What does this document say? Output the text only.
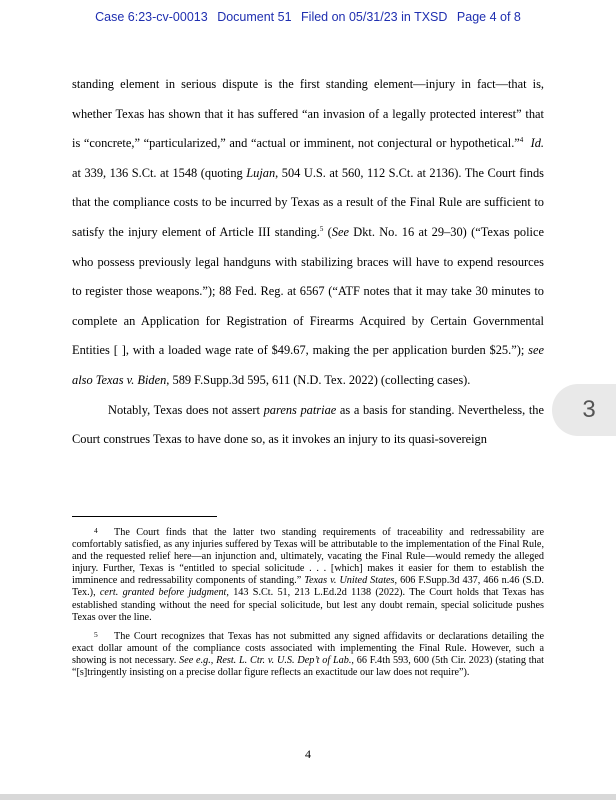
Case 6:23-cv-00013 Document 51 Filed on 05/31/23 in TXSD Page 4 of 8

standing element in serious dispute is the first standing element—injury in fact—that is, whether Texas has shown that it has suffered “an invasion of a legally protected interest” that is “concrete,” “particularized,” and “actual or imminent, not conjectural or hypothetical.”$^4$ Id. at 339, 136 S.Ct. at 1548 (quoting Lujan, 504 U.S. at 560, 112 S.Ct. at 2136). The Court finds that the compliance costs to be incurred by Texas as a result of the Final Rule are sufficient to satisfy the injury element of Article III standing.$^5$ (See Dkt. No. 16 at 29–30) (“Texas police who possess previously legal handguns with stabilizing braces will have to expend resources to register those weapons.”); 88 Fed. Reg. at 6567 (“ATF notes that it may take 30 minutes to complete an Application for Registration of Firearms Acquired by Certain Governmental Entities [ ], with a loaded wage rate of $49.67, making the per application burden $25.”); see also Texas v. Biden, 589 F.Supp.3d 595, 611 (N.D. Tex. 2022) (collecting cases).

Notably, Texas does not assert parens patriae as a basis for standing. Nevertheless, the Court construes Texas to have done so, as it invokes an injury to its quasi-sovereign

3

4 The Court finds that the latter two standing requirements of traceability and redressability are comfortably satisfied, as any injuries suffered by Texas will be attributable to the implementation of the Final Rule, and the requested relief here—an injunction and, ultimately, vacating the Final Rule—would remedy the alleged injury. Further, Texas is “entitled to special solicitude . . . [which] makes it easier for them to establish the imminence and redressability components of standing.” Texas v. United States, 606 F.Supp.3d 437, 466 n.46 (S.D. Tex.), cert. granted before judgment, 143 S.Ct. 51, 213 L.Ed.2d 1138 (2022). The Court holds that Texas has established standing without the need for special solicitude, but lest any doubt remain, special solicitude pushes Texas over the line.

5 The Court recognizes that Texas has not submitted any signed affidavits or declarations detailing the exact dollar amount of the compliance costs associated with implementing the Final Rule. However, such a showing is not necessary. See e.g., Rest. L. Ctr. v. U.S. Dep’t of Lab., 66 F.4th 593, 600 (5th Cir. 2023) (stating that “[s]tringently insisting on a precise dollar figure reflects an exactitude our law does not require”).

4
